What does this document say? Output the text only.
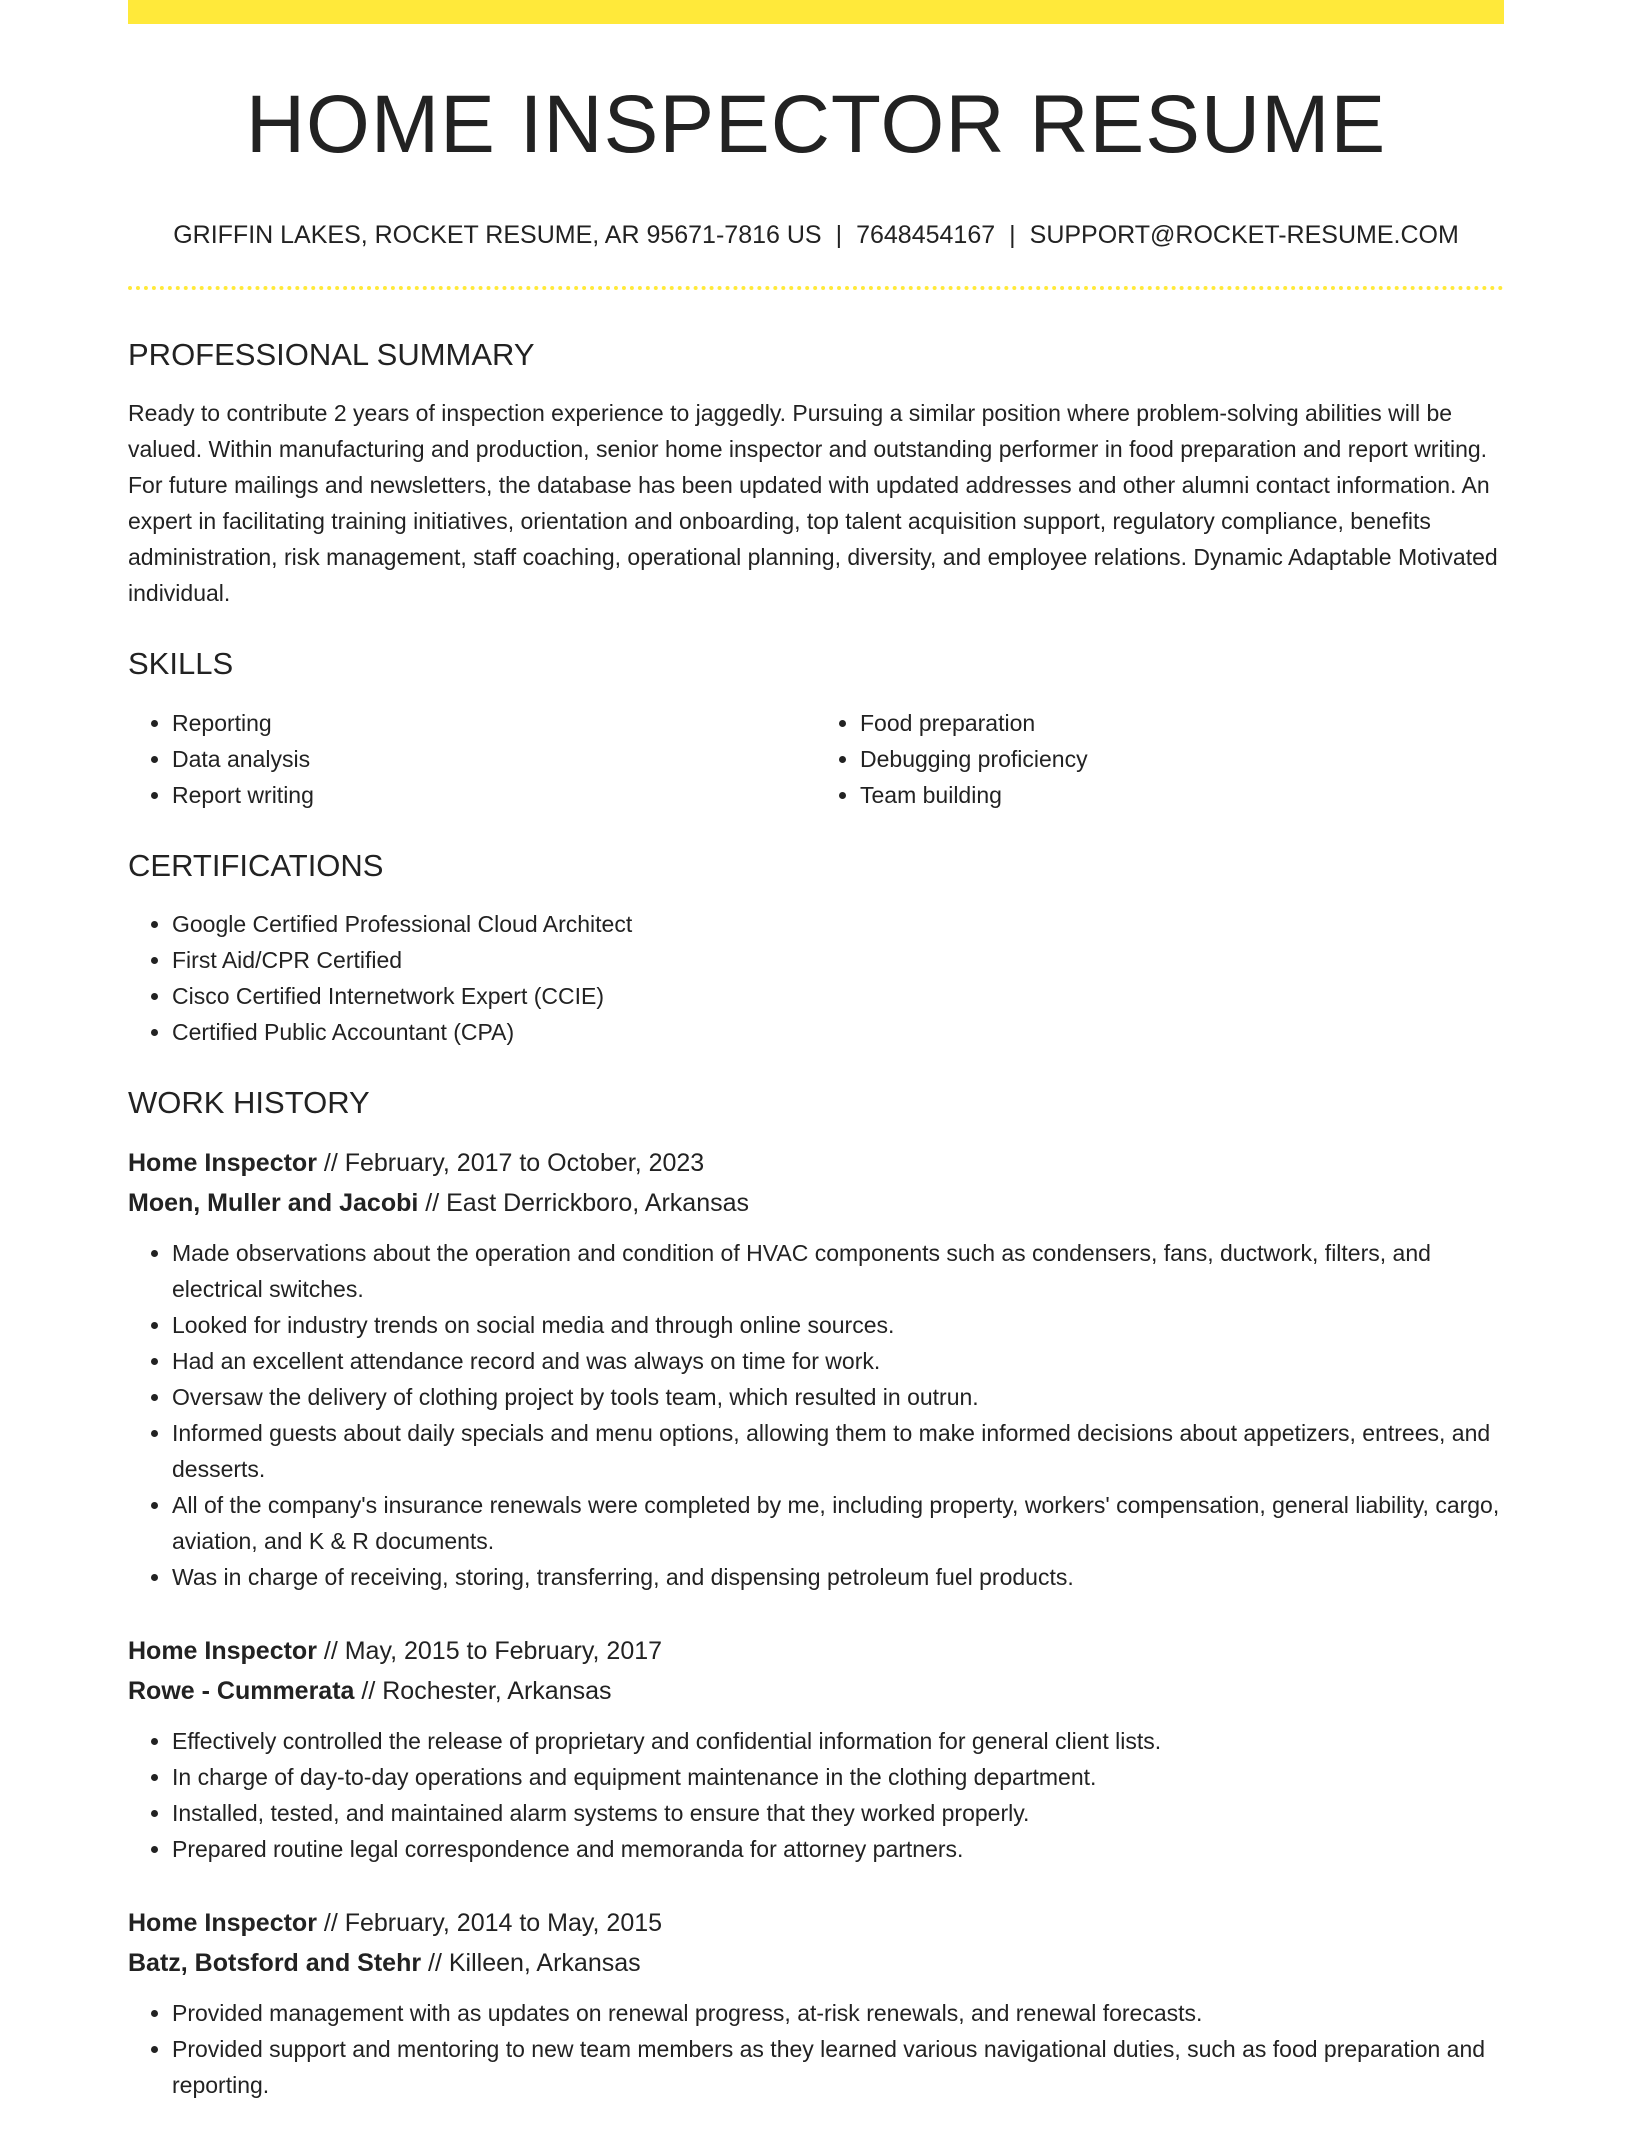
HOME INSPECTOR RESUME
GRIFFIN LAKES, ROCKET RESUME, AR 95671-7816 US | 7648454167 | SUPPORT@ROCKET-RESUME.COM
PROFESSIONAL SUMMARY

Ready to contribute 2 years of inspection experience to jaggedly. Pursuing a similar position where problem-solving abilities will be valued. Within manufacturing and production, senior home inspector and outstanding performer in food preparation and report writing. For future mailings and newsletters, the database has been updated with updated addresses and other alumni contact information. An expert in facilitating training initiatives, orientation and onboarding, top talent acquisition support, regulatory compliance, benefits administration, risk management, staff coaching, operational planning, diversity, and employee relations. Dynamic Adaptable Motivated individual.

SKILLS
• Reporting
• Data analysis
• Report writing
• Food preparation
• Debugging proficiency
• Team building
CERTIFICATIONS
• Google Certified Professional Cloud Architect
• First Aid/CPR Certified
• Cisco Certified Internetwork Expert (CCIE)
• Certified Public Accountant (CPA)
WORK HISTORY
Home Inspector // February, 2017 to October, 2023
Moen, Muller and Jacobi // East Derrickboro, Arkansas
• Made observations about the operation and condition of HVAC components such as condensers, fans, ductwork, filters, and electrical switches.
• Looked for industry trends on social media and through online sources.
• Had an excellent attendance record and was always on time for work.
• Oversaw the delivery of clothing project by tools team, which resulted in outrun.
• Informed guests about daily specials and menu options, allowing them to make informed decisions about appetizers, entrees, and desserts.
• All of the company's insurance renewals were completed by me, including property, workers' compensation, general liability, cargo, aviation, and K & R documents.
• Was in charge of receiving, storing, transferring, and dispensing petroleum fuel products.
Home Inspector // May, 2015 to February, 2017
Rowe - Cummerata // Rochester, Arkansas
• Effectively controlled the release of proprietary and confidential information for general client lists.
• In charge of day-to-day operations and equipment maintenance in the clothing department.
• Installed, tested, and maintained alarm systems to ensure that they worked properly.
• Prepared routine legal correspondence and memoranda for attorney partners.
Home Inspector // February, 2014 to May, 2015
Batz, Botsford and Stehr // Killeen, Arkansas
• Provided management with as updates on renewal progress, at-risk renewals, and renewal forecasts.
• Provided support and mentoring to new team members as they learned various navigational duties, such as food preparation and reporting.
